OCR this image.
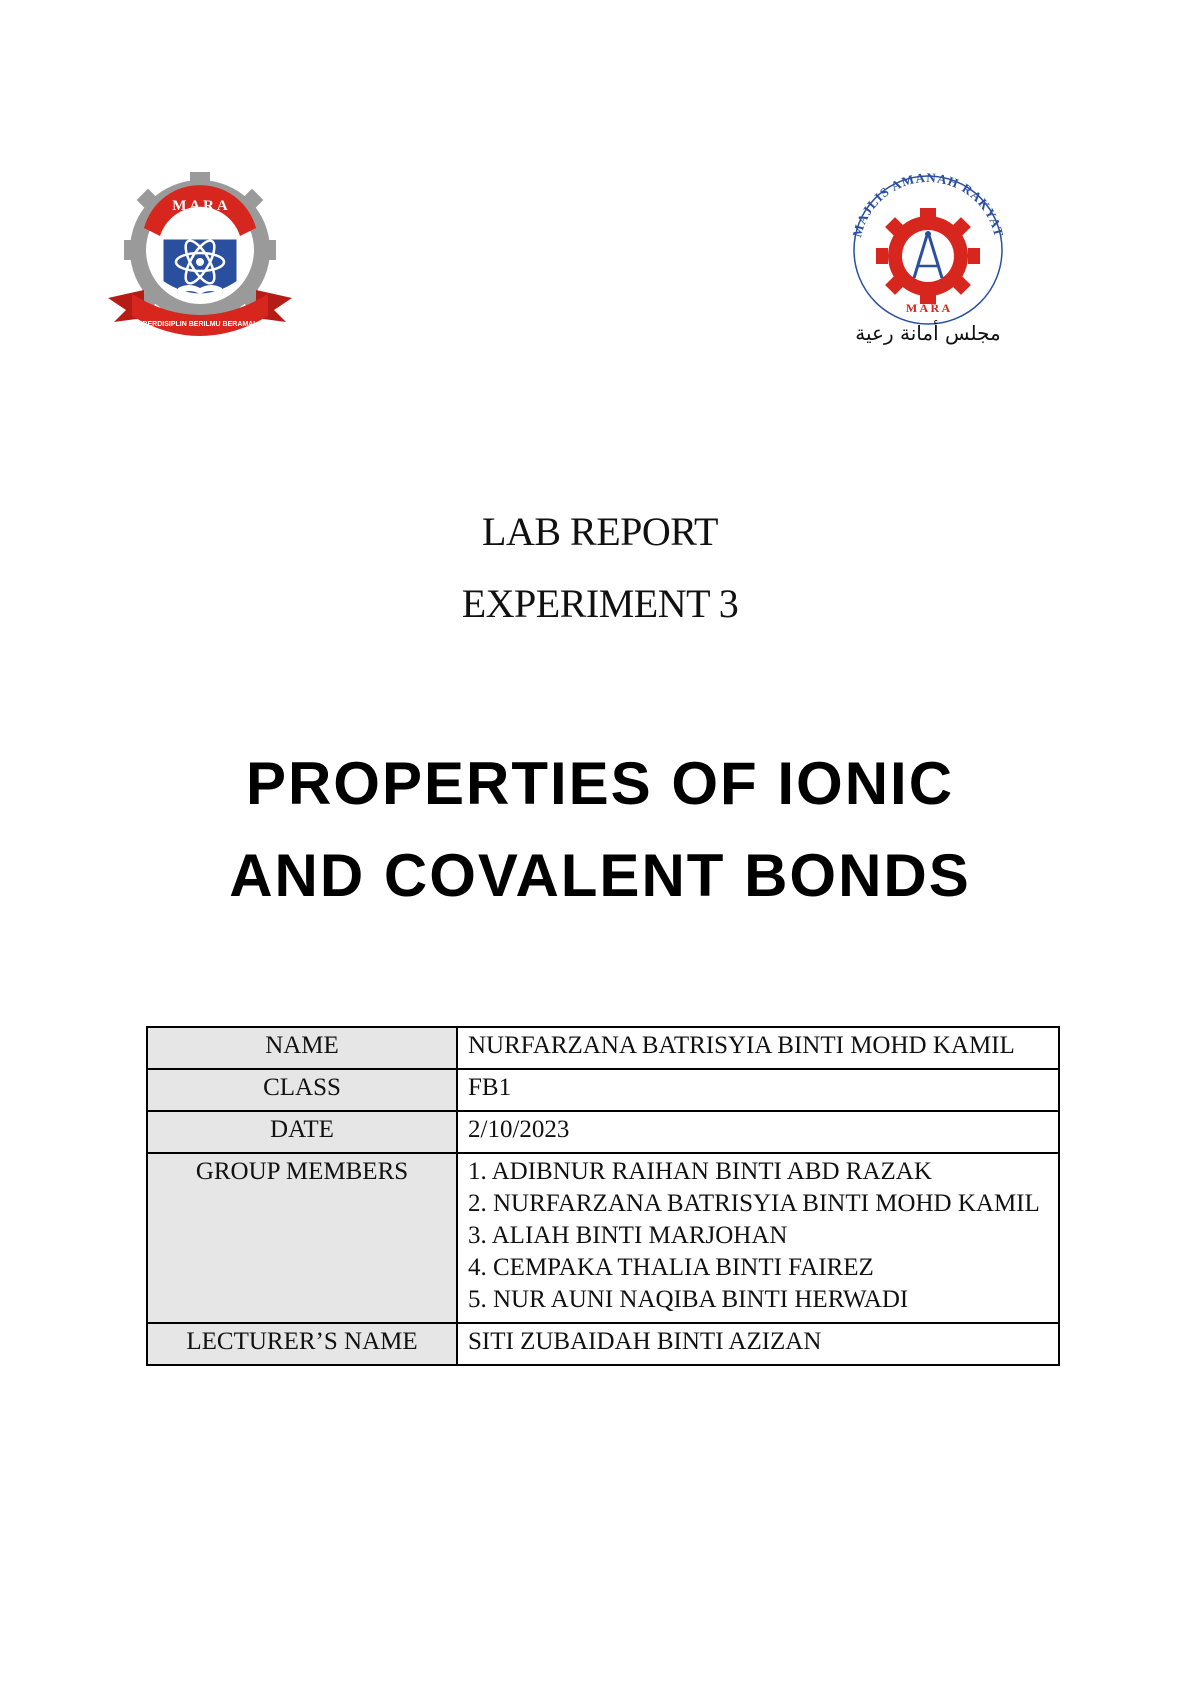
M A R A
BERDISIPLIN BERILMU BERAMAL
MAJLIS AMANAH RAKYAT
M A R A
مجلس أمانة رعية
LAB REPORT
EXPERIMENT 3
PROPERTIES OF IONIC
AND COVALENT BONDS
NAME	NURFARZANA BATRISYIA BINTI MOHD KAMIL
CLASS	FB1
DATE	2/10/2023
GROUP MEMBERS	1. ADIBNUR RAIHAN BINTI ABD RAZAK
2. NURFARZANA BATRISYIA BINTI MOHD KAMIL
3. ALIAH BINTI MARJOHAN
4. CEMPAKA THALIA BINTI FAIREZ
5. NUR AUNI NAQIBA BINTI HERWADI

LECTURER’S NAME	SITI ZUBAIDAH BINTI AZIZAN
